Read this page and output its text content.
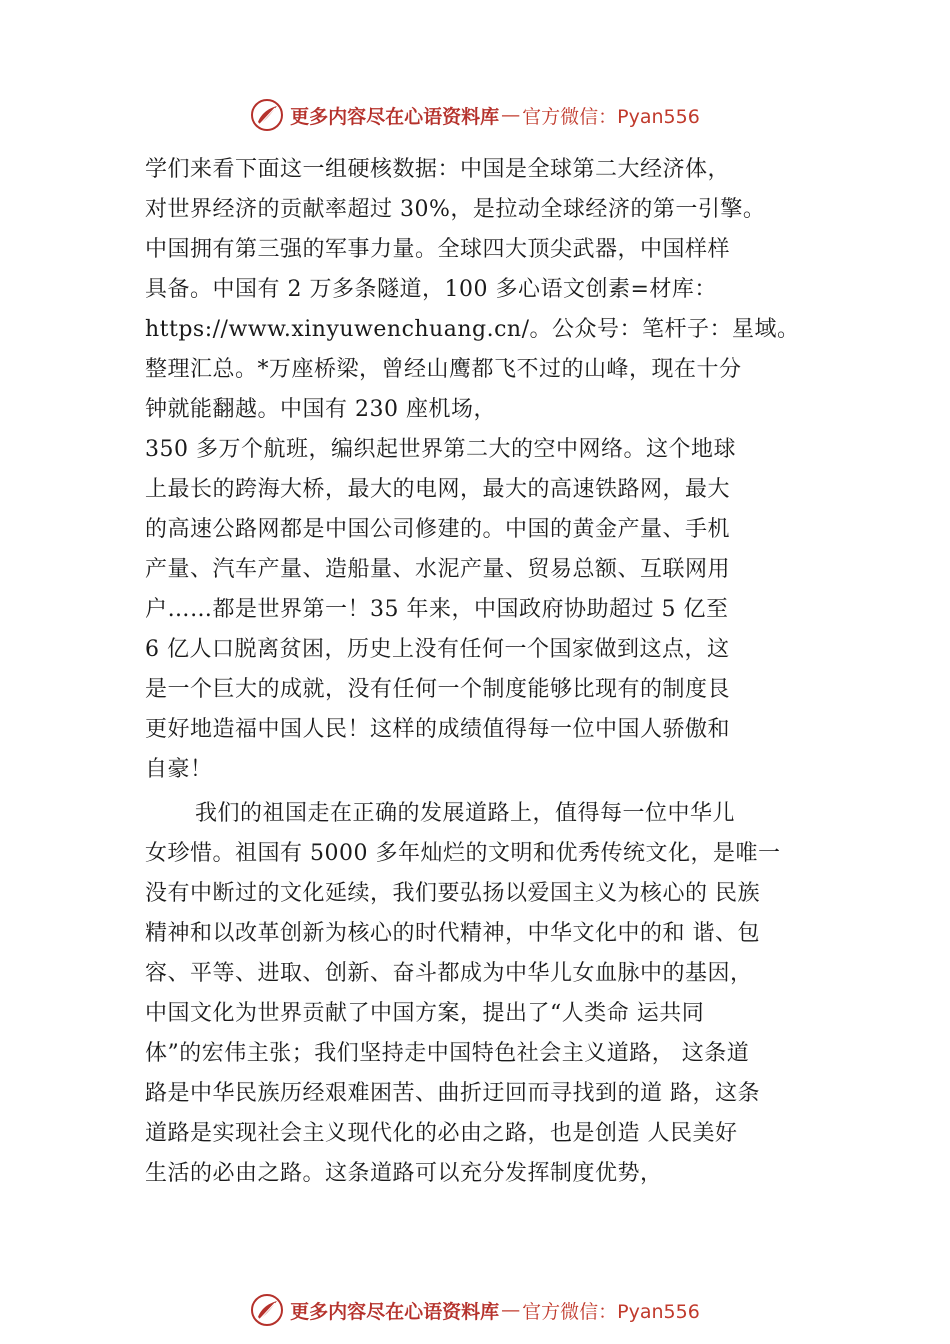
更多内容尽在心语资料库 — 官方微信：Pyan556
学们来看下面这一组硬核数据：中国是全球第二大经济体，
对世界经济的贡献率超过 30%，是拉动全球经济的第一引擎。
中国拥有第三强的军事力量。全球四大顶尖武器，中国样样
具备。中国有 2 万多条隧道，100 多心语文创素=材库：
https://www.xinyuwenchuang.cn/。公众号：笔杆子：星域。
整理汇总。*万座桥梁，曾经山鹰都飞不过的山峰，现在十分
钟就能翻越。中国有 230 座机场，
350 多万个航班，编织起世界第二大的空中网络。这个地球
上最长的跨海大桥，最大的电网，最大的高速铁路网，最大
的高速公路网都是中国公司修建的。中国的黄金产量、手机
产量、汽车产量、造船量、水泥产量、贸易总额、互联网用
户……都是世界第一！35 年来，中国政府协助超过 5 亿至
6 亿人口脱离贫困，历史上没有任何一个国家做到这点，这
是一个巨大的成就，没有任何一个制度能够比现有的制度艮
更好地造福中国人民！这样的成绩值得每一位中国人骄傲和
自豪！
我们的祖国走在正确的发展道路上，值得每一位中华儿
女珍惜。祖国有 5000 多年灿烂的文明和优秀传统文化，是唯一
没有中断过的文化延续，我们要弘扬以爱国主义为核心的 民族
精神和以改革创新为核心的时代精神，中华文化中的和 谐、包
容、平等、进取、创新、奋斗都成为中华儿女血脉中的基因，
中国文化为世界贡献了中国方案，提出了“人类命 运共同
体”的宏伟主张；我们坚持走中国特色社会主义道路， 这条道
路是中华民族历经艰难困苦、曲折迂回而寻找到的道 路，这条
道路是实现社会主义现代化的必由之路，也是创造 人民美好
生活的必由之路。这条道路可以充分发挥制度优势，
更多内容尽在心语资料库 — 官方微信：Pyan556
